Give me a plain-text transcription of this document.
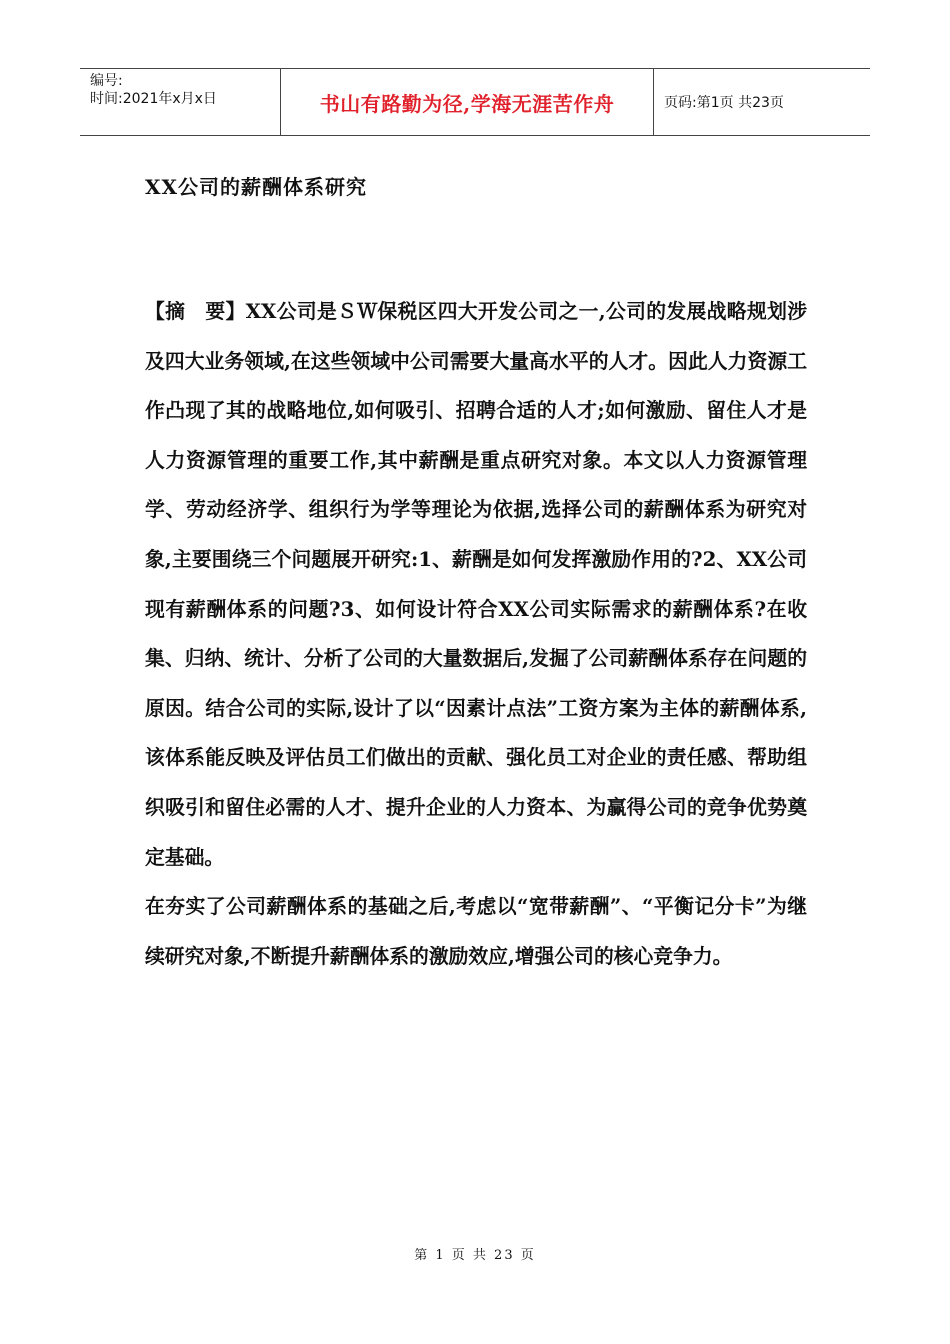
编号:
时间:2021年x月x日	书山有路勤为径,学海无涯苦作舟	页码:第1页 共23页
XX公司的薪酬体系研究

【摘　要】XX公司是ＳＷ保税区四大开发公司之一,公司的发展战略规划涉及四大业务领域,在这些领域中公司需要大量高水平的人才。因此人力资源工作凸现了其的战略地位,如何吸引、招聘合适的人才;如何激励、留住人才是人力资源管理的重要工作,其中薪酬是重点研究对象。本文以人力资源管理学、劳动经济学、组织行为学等理论为依据,选择公司的薪酬体系为研究对象,主要围绕三个问题展开研究:1、薪酬是如何发挥激励作用的?2、XX公司现有薪酬体系的问题?3、如何设计符合XX公司实际需求的薪酬体系?在收集、归纳、统计、分析了公司的大量数据后,发掘了公司薪酬体系存在问题的原因。结合公司的实际,设计了以“因素计点法”工资方案为主体的薪酬体系,该体系能反映及评估员工们做出的贡献、强化员工对企业的责任感、帮助组织吸引和留住必需的人才、提升企业的人力资本、为赢得公司的竞争优势奠定基础。

在夯实了公司薪酬体系的基础之后,考虑以“宽带薪酬”、“平衡记分卡”为继续研究对象,不断提升薪酬体系的激励效应,增强公司的核心竞争力。

第 1 页 共 23 页
